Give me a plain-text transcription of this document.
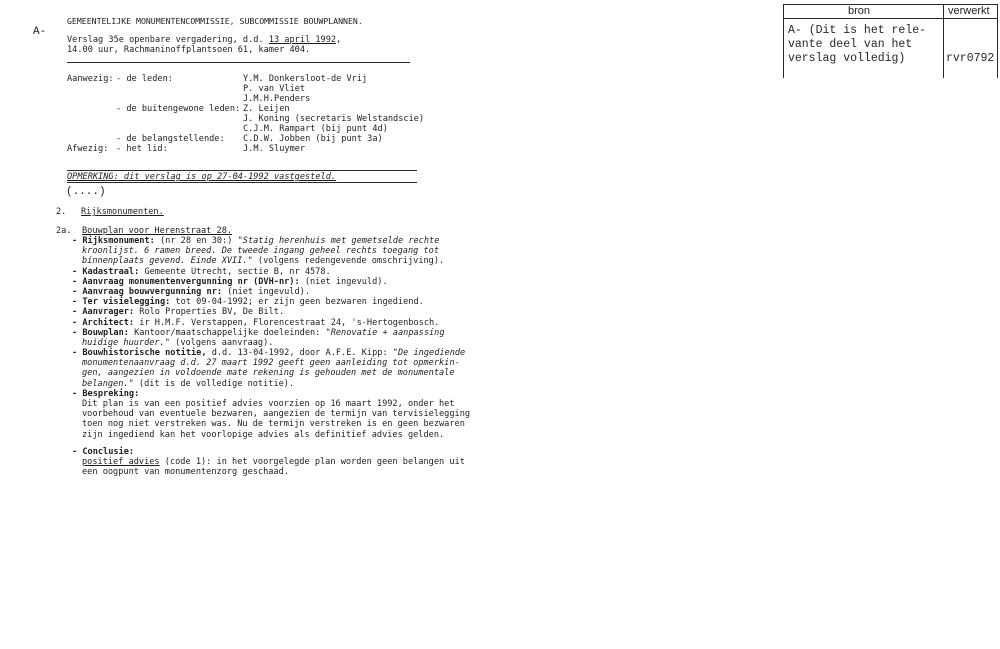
bron	verwerkt
A- (Dit is het rele-
vante deel van het
verslag volledig)	rvr0792
A-
GEMEENTELIJKE MONUMENTENCOMMISSIE, SUBCOMMISSIE BOUWPLANNEN.
Verslag 35e openbare vergadering, d.d. 13 april 1992,
14.00 uur, Rachmaninoffplantsoen 61, kamer 404.
Aanwezig: - de leden:	Y.M. Donkersloot-de Vrij
P. van Vliet
J.M.H.Penders
- de buitengewone leden: Z. Leijen
J. Koning (secretaris Welstandscie)
C.J.M. Rampart (bij punt 4d)
- de belangstellende: C.D.W. Jobben (bij punt 3a)
Afwezig: - het lid:	J.M. Sluymer
OPMERKING: dit verslag is op 27-04-1992 vastgesteld.
(....)
2. Rijksmonumenten.
2a. Bouwplan voor Herenstraat 28.
- Rijksmonument: (nr 28 en 30:) "Statig herenhuis met gemetselde rechte
kroonlijst. 6 ramen breed. De tweede ingang geheel rechts toegang tot
binnenplaats gevend. Einde XVII." (volgens redengevende omschrijving).
- Kadastraal: Gemeente Utrecht, sectie B, nr 4578.
- Aanvraag monumentenvergunning nr (DVH-nr): (niet ingevuld).
- Aanvraag bouwvergunning nr: (niet ingevuld).
- Ter visielegging: tot 09-04-1992; er zijn geen bezwaren ingediend.
- Aanvrager: Rolo Properties BV, De Bilt.
- Architect: ir H.M.F. Verstappen, Florencestraat 24, 's-Hertogenbosch.
- Bouwplan: Kantoor/maatschappelijke doeleinden: "Renovatie + aanpassing
huidige huurder." (volgens aanvraag).
- Bouwhistorische notitie, d.d. 13-04-1992, door A.F.E. Kipp: "De ingediende
monumentenaanvraag d.d. 27 maart 1992 geeft geen aanleiding tot opmerkin-
gen, aangezien in voldoende mate rekening is gehouden met de monumentale
belangen." (dit is de volledige notitie).
- Bespreking:
Dit plan is van een positief advies voorzien op 16 maart 1992, onder het
voorbehoud van eventuele bezwaren, aangezien de termijn van tervisielegging
toen nog niet verstreken was. Nu de termijn verstreken is en geen bezwaren
zijn ingediend kan het voorlopige advies als definitief advies gelden.
- Conclusie:
positief advies (code 1): in het voorgelegde plan worden geen belangen uit
een oogpunt van monumentenzorg geschaad.
